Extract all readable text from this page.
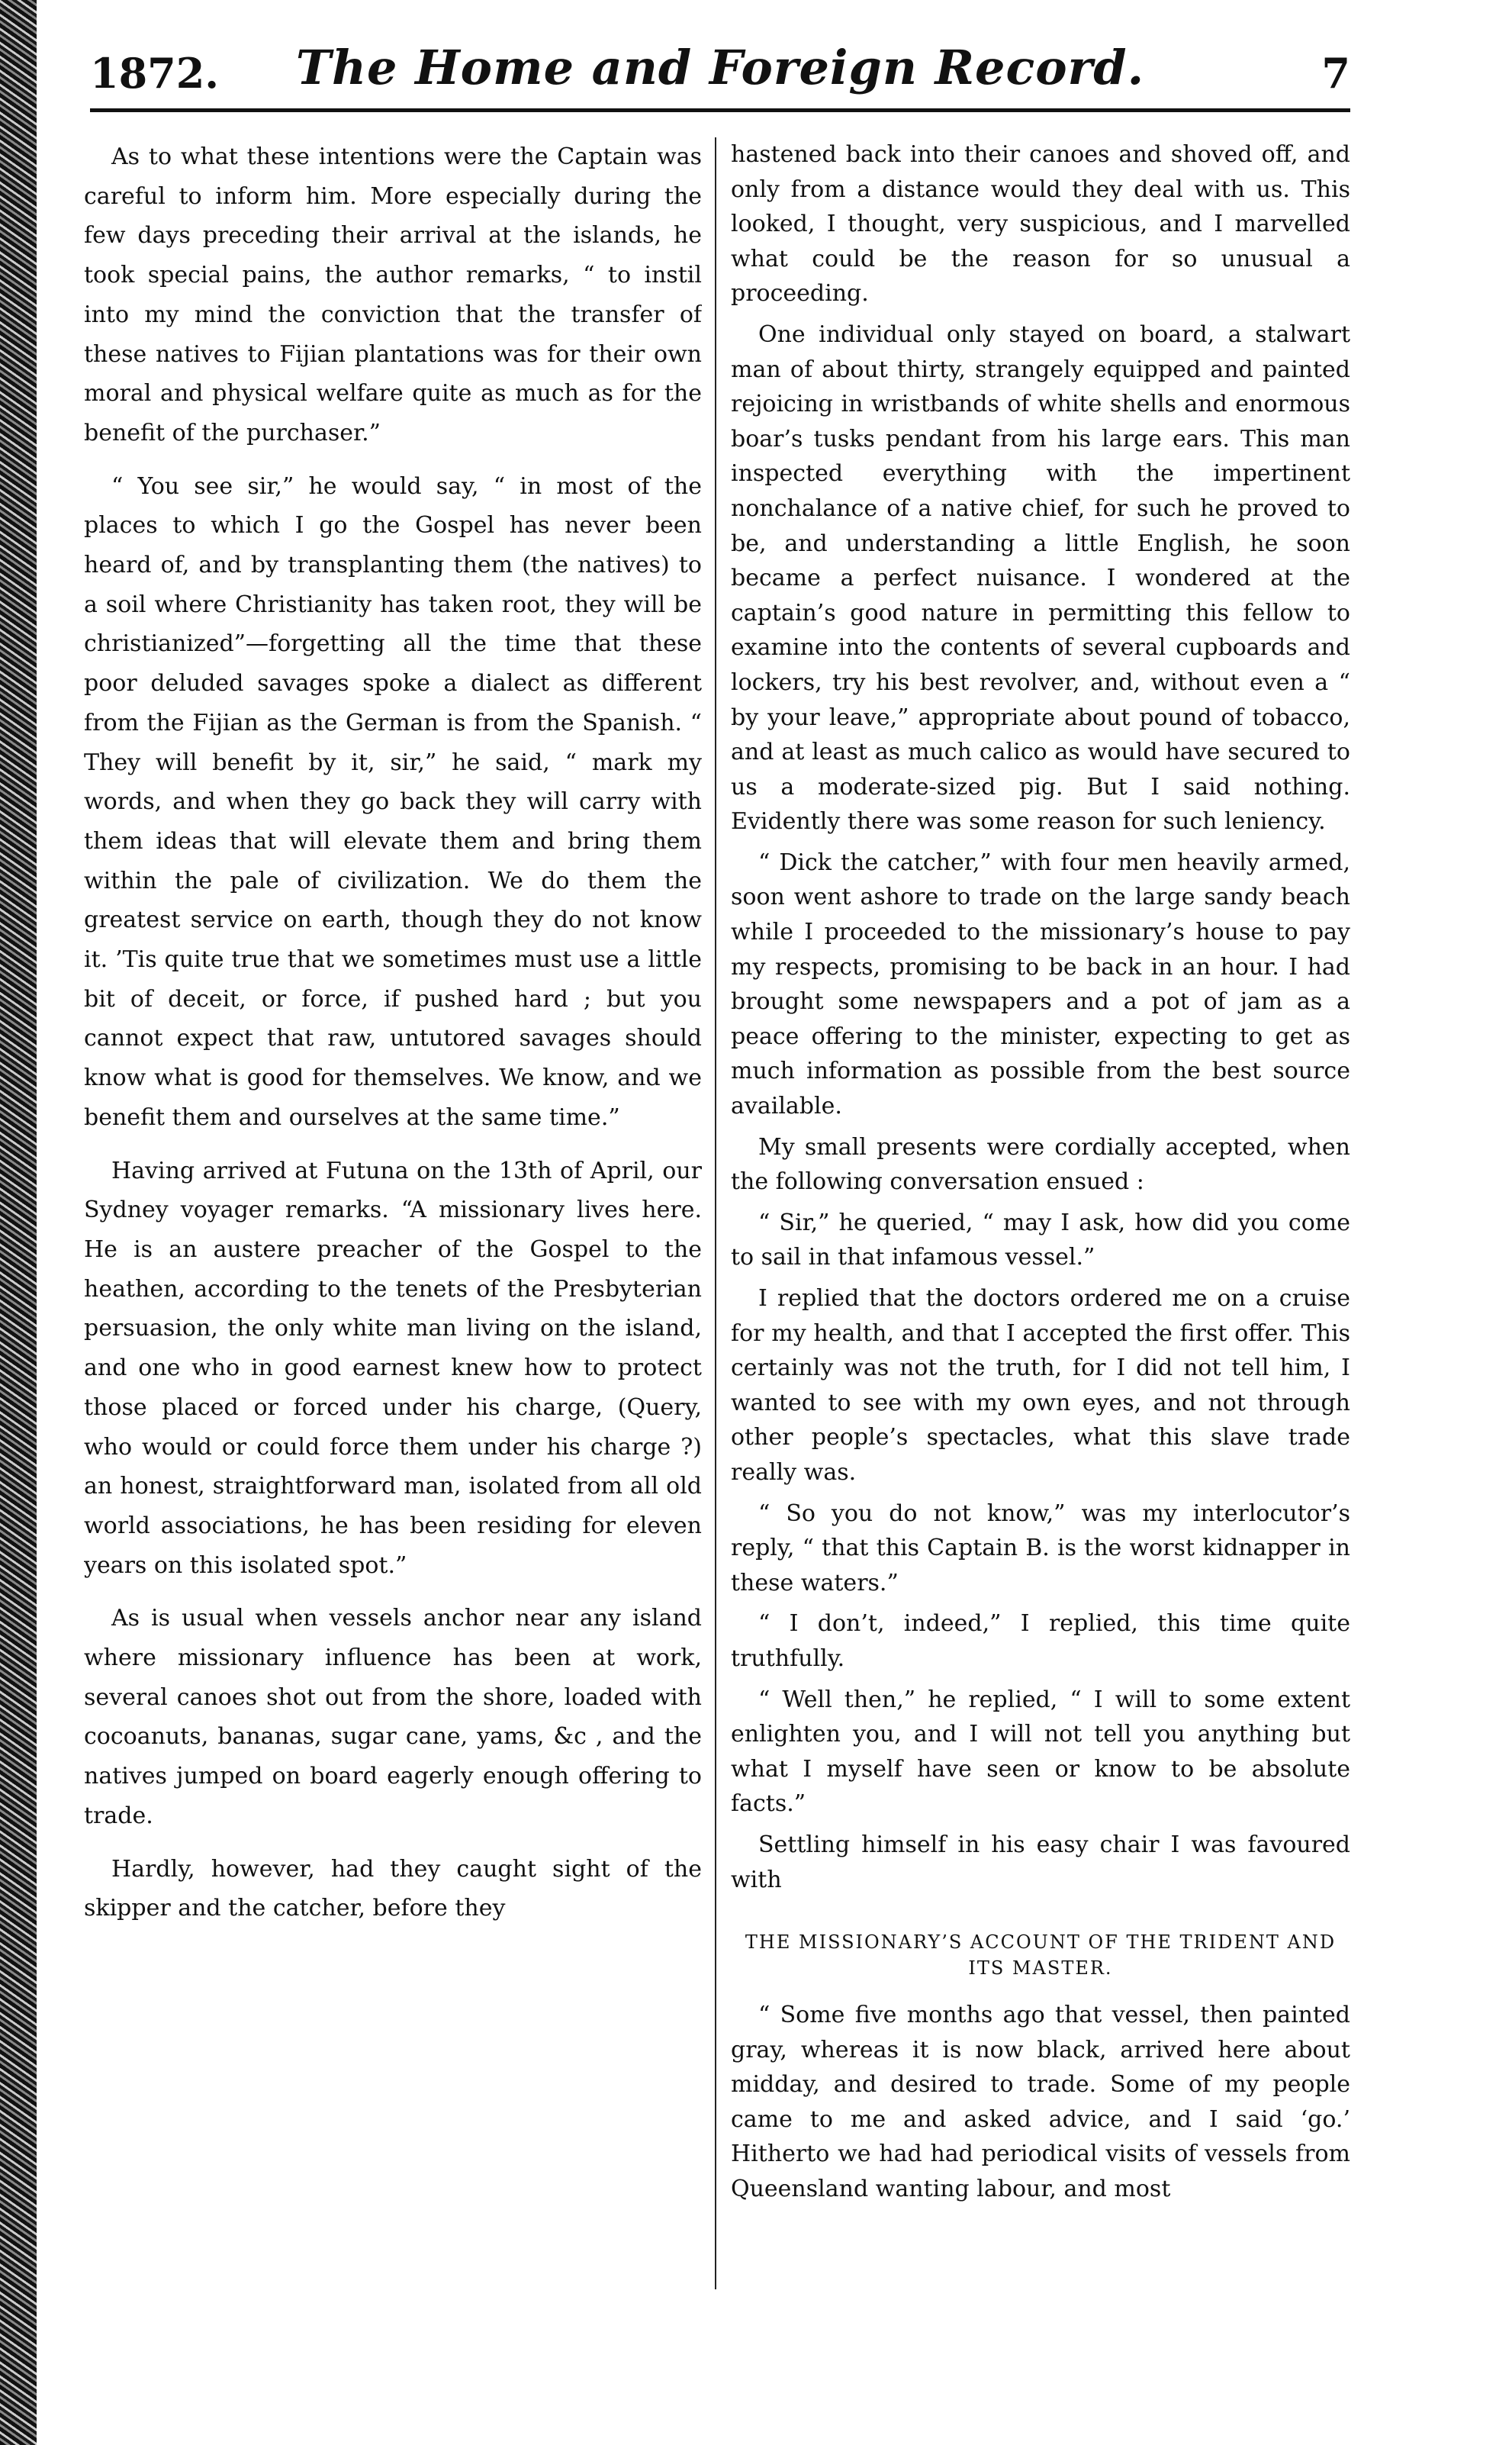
1872.	The Home and Foreign Record.	7

As to what these intentions were the Captain was careful to inform him. More especially during the few days preceding their arrival at the islands, he took special pains, the author remarks, “ to instil into my mind the conviction that the transfer of these natives to Fijian plantations was for their own moral and physical welfare quite as much as for the benefit of the purchaser.”

“ You see sir,” he would say, “ in most of the places to which I go the Gospel has never been heard of, and by transplanting them (the natives) to a soil where Christianity has taken root, they will be christianized”—forgetting all the time that these poor deluded savages spoke a dialect as different from the Fijian as the German is from the Spanish. “ They will benefit by it, sir,” he said, “ mark my words, and when they go back they will carry with them ideas that will elevate them and bring them within the pale of civilization. We do them the greatest service on earth, though they do not know it. ’Tis quite true that we sometimes must use a little bit of deceit, or force, if pushed hard ; but you cannot expect that raw, untutored savages should know what is good for themselves. We know, and we benefit them and ourselves at the same time.”

Having arrived at Futuna on the 13th of April, our Sydney voyager remarks. “A missionary lives here. He is an austere preacher of the Gospel to the heathen, according to the tenets of the Presbyterian persuasion, the only white man living on the island, and one who in good earnest knew how to protect those placed or forced under his charge, (Query, who would or could force them under his charge ?) an honest, straightforward man, isolated from all old world associations, he has been residing for eleven years on this isolated spot.”

As is usual when vessels anchor near any island where missionary influence has been at work, several canoes shot out from the shore, loaded with cocoanuts, bananas, sugar cane, yams, &c , and the natives jumped on board eagerly enough offering to trade.

Hardly, however, had they caught sight of the skipper and the catcher, before they

hastened back into their canoes and shoved off, and only from a distance would they deal with us. This looked, I thought, very suspicious, and I marvelled what could be the reason for so unusual a proceeding.

One individual only stayed on board, a stalwart man of about thirty, strangely equipped and painted rejoicing in wristbands of white shells and enormous boar’s tusks pendant from his large ears. This man inspected everything with the impertinent nonchalance of a native chief, for such he proved to be, and understanding a little English, he soon became a perfect nuisance. I wondered at the captain’s good nature in permitting this fellow to examine into the contents of several cupboards and lockers, try his best revolver, and, without even a “ by your leave,” appropriate about pound of tobacco, and at least as much calico as would have secured to us a moderate-sized pig. But I said nothing. Evidently there was some reason for such leniency.

“ Dick the catcher,” with four men heavily armed, soon went ashore to trade on the large sandy beach while I proceeded to the missionary’s house to pay my respects, promising to be back in an hour. I had brought some newspapers and a pot of jam as a peace offering to the minister, expecting to get as much information as possible from the best source available.

My small presents were cordially accepted, when the following conversation ensued :

“ Sir,” he queried, “ may I ask, how did you come to sail in that infamous vessel.”

I replied that the doctors ordered me on a cruise for my health, and that I accepted the first offer. This certainly was not the truth, for I did not tell him, I wanted to see with my own eyes, and not through other people’s spectacles, what this slave trade really was.

“ So you do not know,” was my interlocutor’s reply, “ that this Captain B. is the worst kidnapper in these waters.”

“ I don’t, indeed,” I replied, this time quite truthfully.

“ Well then,” he replied, “ I will to some extent enlighten you, and I will not tell you anything but what I myself have seen or know to be absolute facts.”

Settling himself in his easy chair I was favoured with

THE MISSIONARY’S ACCOUNT OF THE TRIDENT AND ITS MASTER.

“ Some five months ago that vessel, then painted gray, whereas it is now black, arrived here about midday, and desired to trade. Some of my people came to me and asked advice, and I said ‘go.’ Hitherto we had had periodical visits of vessels from Queensland wanting labour, and most
